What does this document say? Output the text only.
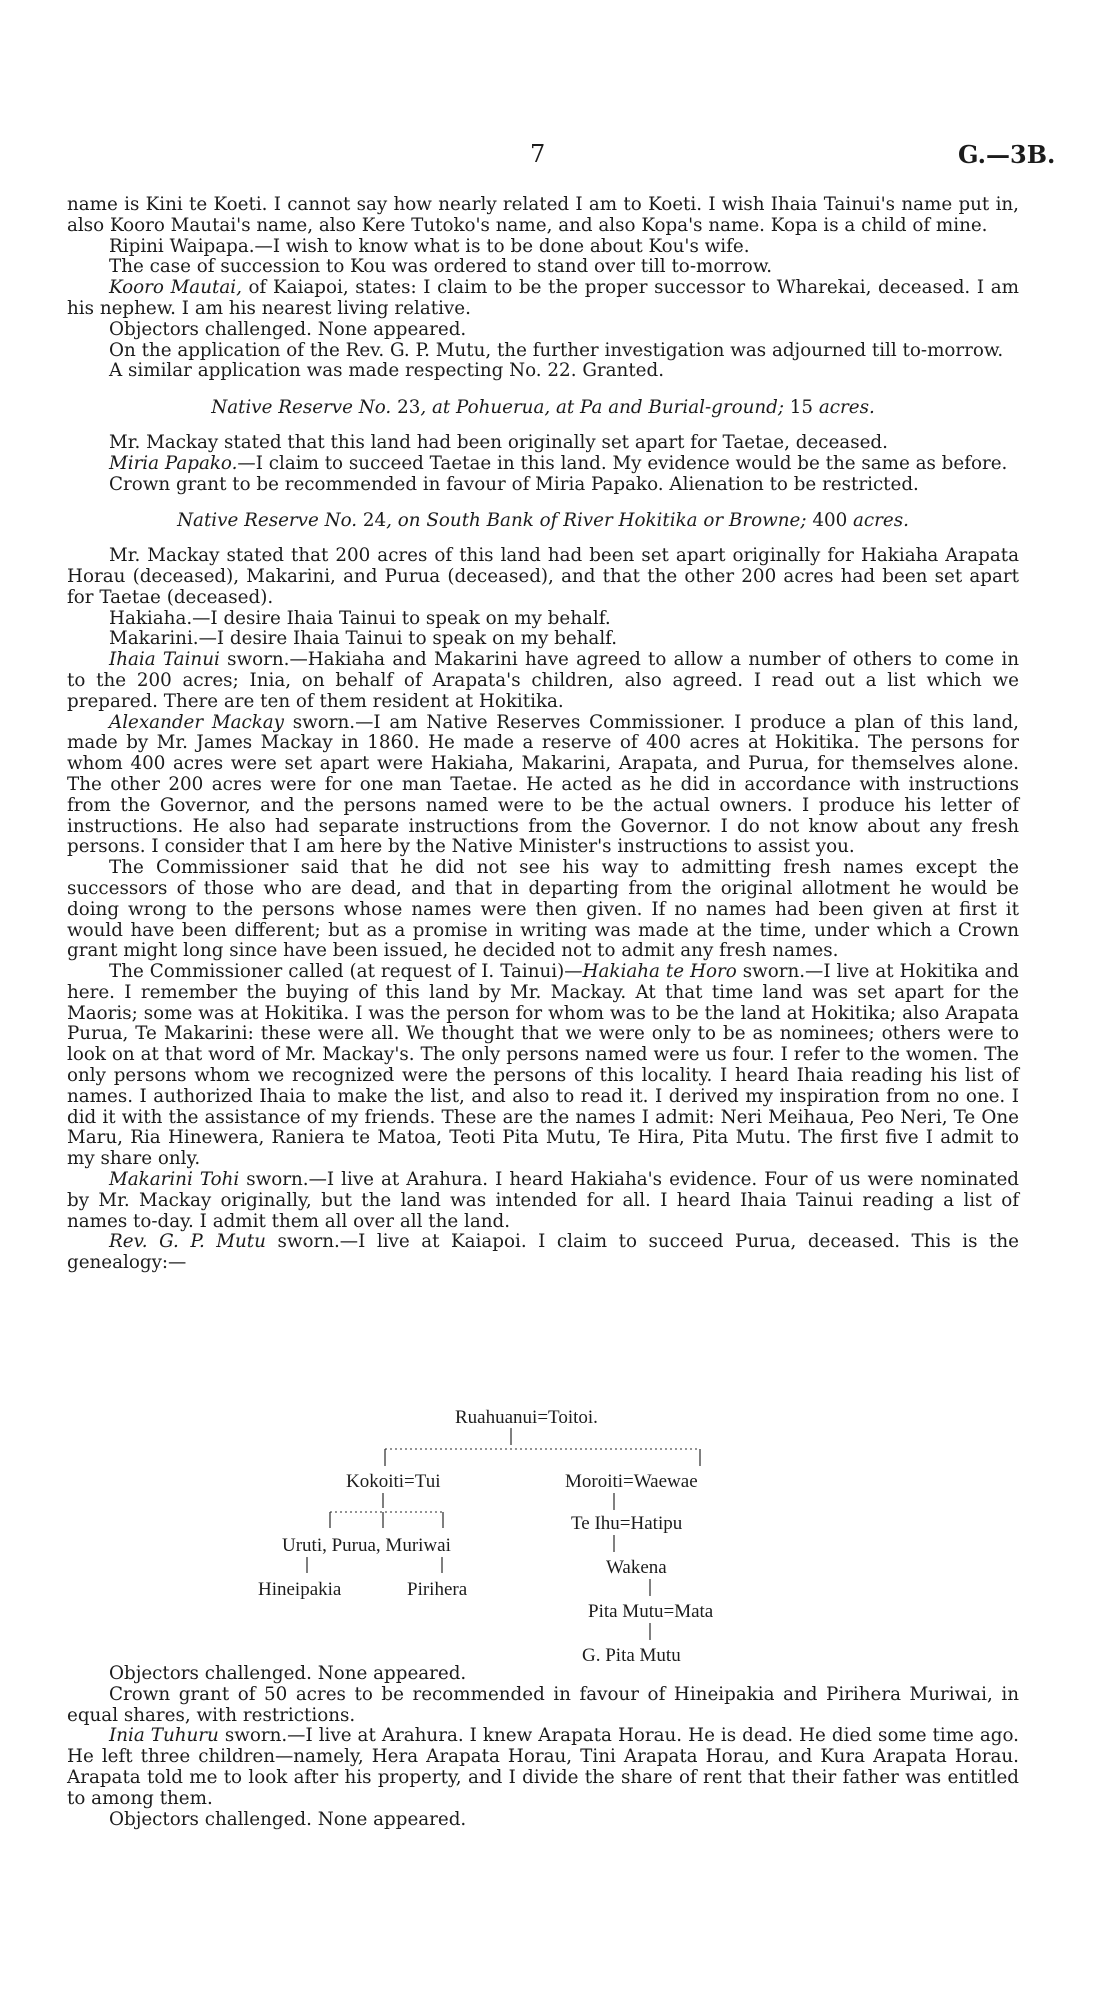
7	G.—3B.

name is Kini te Koeti. I cannot say how nearly related I am to Koeti. I wish Ihaia Tainui's name put in, also Kooro Mautai's name, also Kere Tutoko's name, and also Kopa's name. Kopa is a child of mine.

Ripini Waipapa.—I wish to know what is to be done about Kou's wife.

The case of succession to Kou was ordered to stand over till to-morrow.

Kooro Mautai, of Kaiapoi, states: I claim to be the proper successor to Wharekai, deceased. I am his nephew. I am his nearest living relative.

Objectors challenged. None appeared.

On the application of the Rev. G. P. Mutu, the further investigation was adjourned till to-morrow.

A similar application was made respecting No. 22. Granted.

Native Reserve No. 23, at Pohuerua, at Pa and Burial-ground; 15 acres.

Mr. Mackay stated that this land had been originally set apart for Taetae, deceased.

Miria Papako.—I claim to succeed Taetae in this land. My evidence would be the same as before.

Crown grant to be recommended in favour of Miria Papako. Alienation to be restricted.

Native Reserve No. 24, on South Bank of River Hokitika or Browne; 400 acres.

Mr. Mackay stated that 200 acres of this land had been set apart originally for Hakiaha Arapata Horau (deceased), Makarini, and Purua (deceased), and that the other 200 acres had been set apart for Taetae (deceased).

Hakiaha.—I desire Ihaia Tainui to speak on my behalf.

Makarini.—I desire Ihaia Tainui to speak on my behalf.

Ihaia Tainui sworn.—Hakiaha and Makarini have agreed to allow a number of others to come in to the 200 acres; Inia, on behalf of Arapata's children, also agreed. I read out a list which we prepared. There are ten of them resident at Hokitika.

Alexander Mackay sworn.—I am Native Reserves Commissioner. I produce a plan of this land, made by Mr. James Mackay in 1860. He made a reserve of 400 acres at Hokitika. The persons for whom 400 acres were set apart were Hakiaha, Makarini, Arapata, and Purua, for themselves alone. The other 200 acres were for one man Taetae. He acted as he did in accordance with instructions from the Governor, and the persons named were to be the actual owners. I produce his letter of instructions. He also had separate instructions from the Governor. I do not know about any fresh persons. I consider that I am here by the Native Minister's instructions to assist you.

The Commissioner said that he did not see his way to admitting fresh names except the successors of those who are dead, and that in departing from the original allotment he would be doing wrong to the persons whose names were then given. If no names had been given at first it would have been different; but as a promise in writing was made at the time, under which a Crown grant might long since have been issued, he decided not to admit any fresh names.

The Commissioner called (at request of I. Tainui)—Hakiaha te Horo sworn.—I live at Hokitika and here. I remember the buying of this land by Mr. Mackay. At that time land was set apart for the Maoris; some was at Hokitika. I was the person for whom was to be the land at Hokitika; also Arapata Purua, Te Makarini: these were all. We thought that we were only to be as nominees; others were to look on at that word of Mr. Mackay's. The only persons named were us four. I refer to the women. The only persons whom we recognized were the persons of this locality. I heard Ihaia reading his list of names. I authorized Ihaia to make the list, and also to read it. I derived my inspiration from no one. I did it with the assistance of my friends. These are the names I admit: Neri Meihaua, Peo Neri, Te One Maru, Ria Hinewera, Raniera te Matoa, Teoti Pita Mutu, Te Hira, Pita Mutu. The first five I admit to my share only.

Makarini Tohi sworn.—I live at Arahura. I heard Hakiaha's evidence. Four of us were nominated by Mr. Mackay originally, but the land was intended for all. I heard Ihaia Tainui reading a list of names to-day. I admit them all over all the land.

Rev. G. P. Mutu sworn.—I live at Kaiapoi. I claim to succeed Purua, deceased. This is the genealogy:—

Ruahuanui=Toitoi.
Kokoiti=Tui
Uruti, Purua, Muriwai
Hineipakia	Pirihera
Moroiti=Waewae
Te Ihu=Hatipu
Wakena
Pita Mutu=Mata
G. Pita Mutu

Objectors challenged. None appeared.

Crown grant of 50 acres to be recommended in favour of Hineipakia and Pirihera Muriwai, in equal shares, with restrictions.

Inia Tuhuru sworn.—I live at Arahura. I knew Arapata Horau. He is dead. He died some time ago. He left three children—namely, Hera Arapata Horau, Tini Arapata Horau, and Kura Arapata Horau. Arapata told me to look after his property, and I divide the share of rent that their father was entitled to among them.

Objectors challenged. None appeared.
